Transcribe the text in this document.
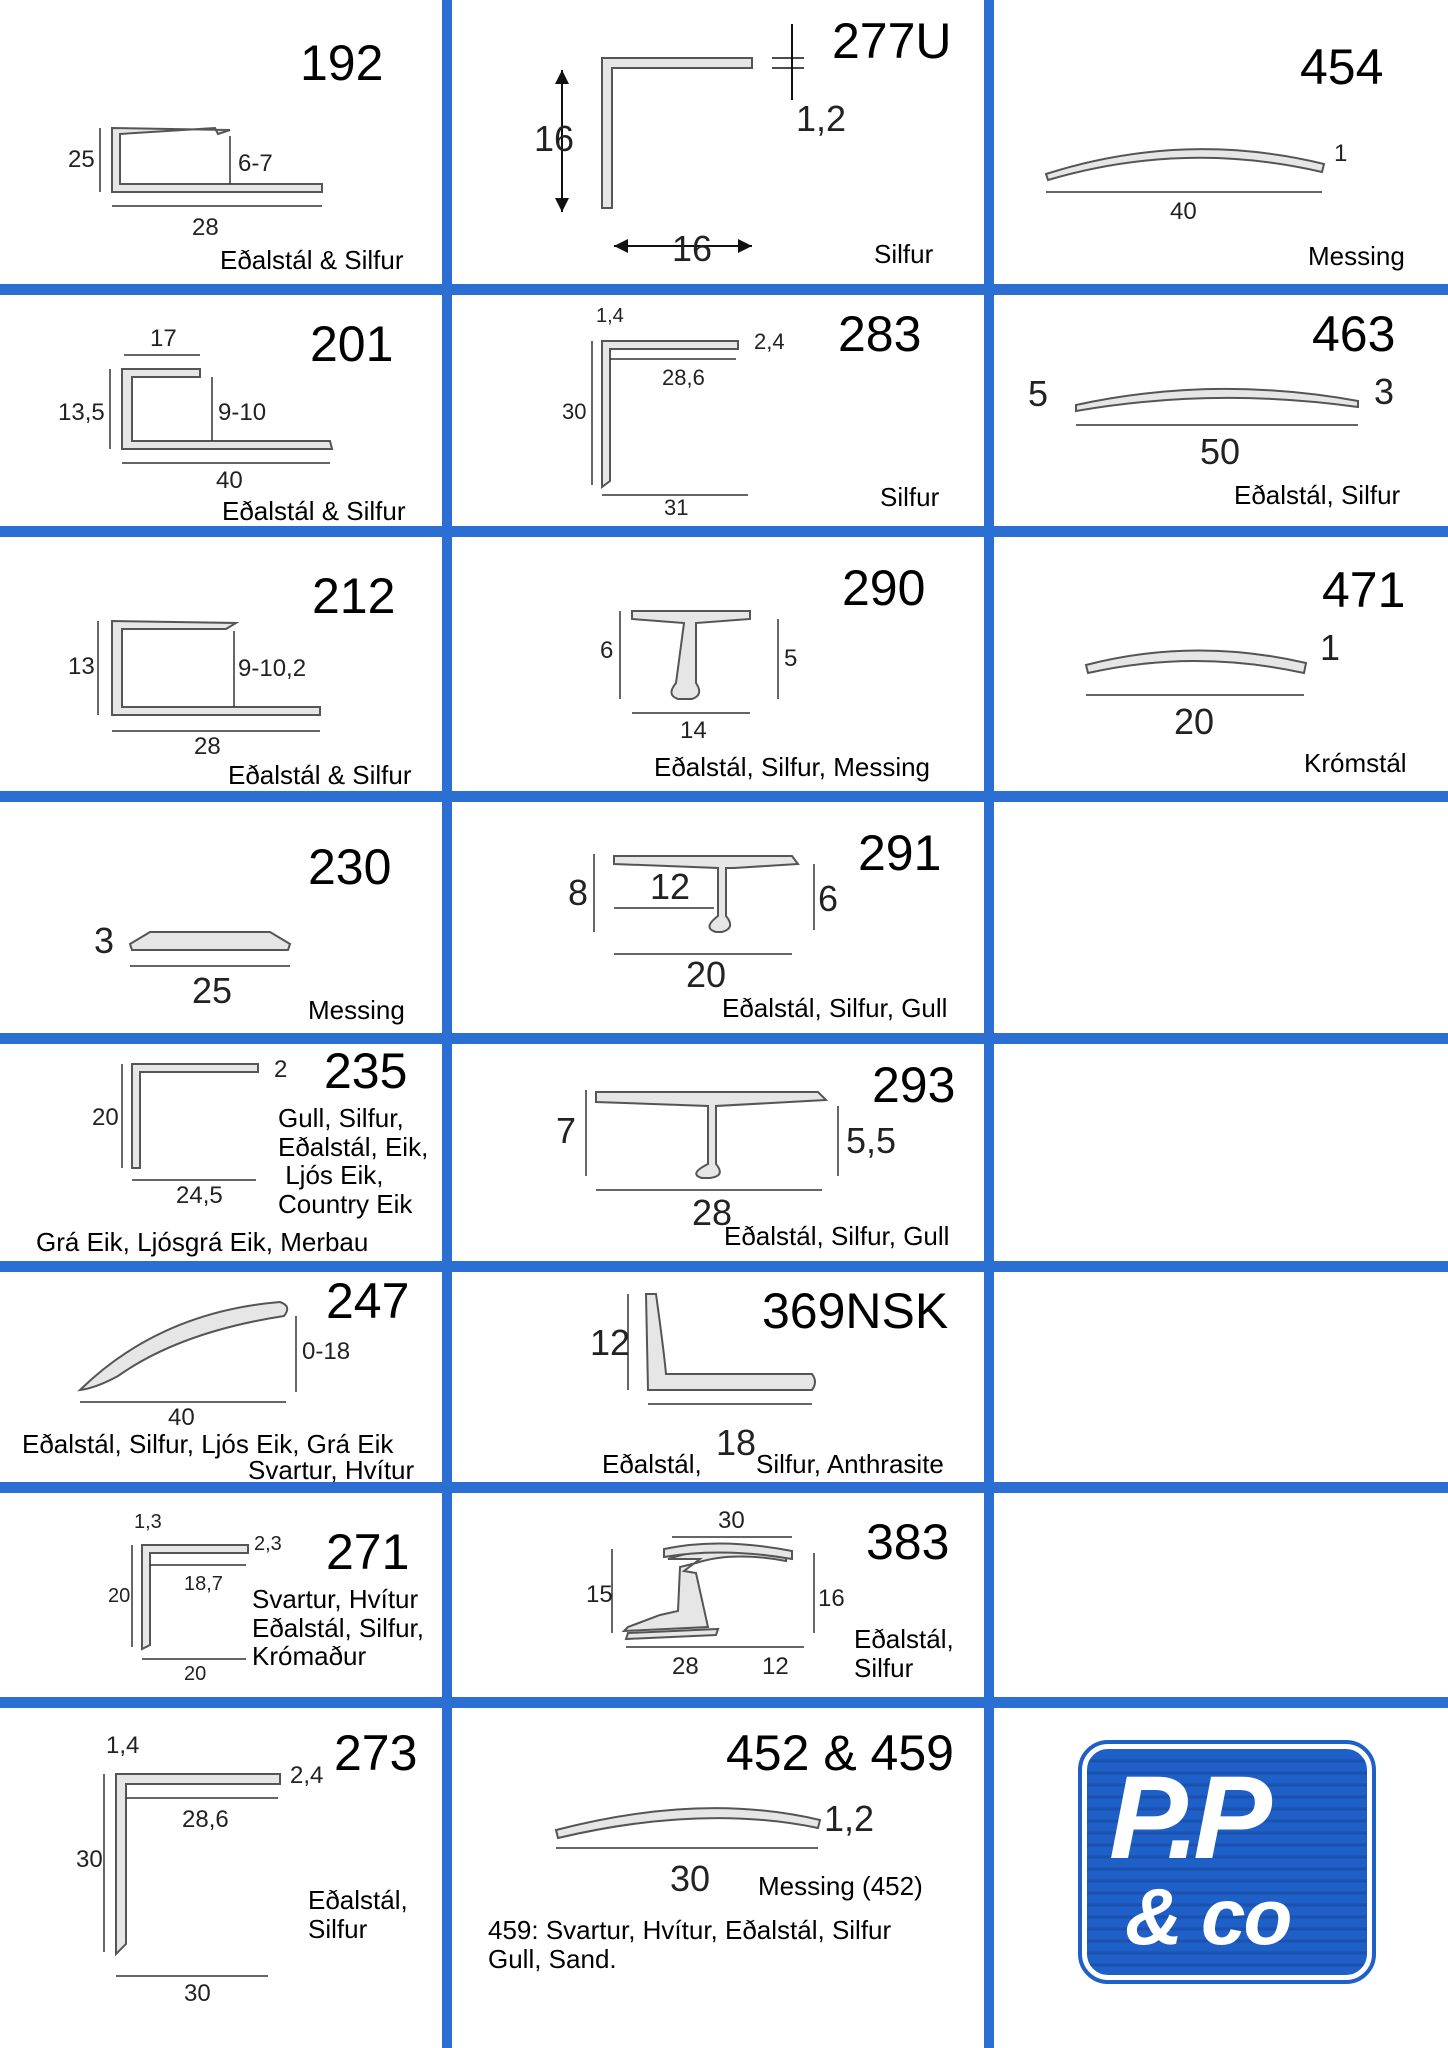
192
25	6-7
28
Eðalstál & Silfur
277U
16	1,2
16	Silfur
454
1
40
Messing
201
17
13,5	9-10
40
Eðalstál & Silfur
283
1,4
2,4
28,6
30
31	Silfur
463
5	3
50
Eðalstál, Silfur
212
13	9-10,2
28
Eðalstál & Silfur
290
6	5
14
Eðalstál, Silfur, Messing
471
1
20
Krómstál
230
3
25	Messing
291
8 12	6
20
Eðalstál, Silfur, Gull
235
2
20
24,5
Gull, Silfur,
Eðalstál, Eik,
Ljós Eik,
Country Eik
Grá Eik, Ljósgrá Eik, Merbau
293
7	5,5
28
Eðalstál, Silfur, Gull
247
0-18
40
Eðalstál, Silfur, Ljós Eik, Grá Eik
Svartur, Hvítur
369NSK
12
18
Eðalstál, Silfur, Anthrasite
271
1,3
2,3
18,7
20
20
Svartur, Hvítur
Eðalstál, Silfur,
Krómaður
383
30
15	16
28	12
Eðalstál,
Silfur
273
1,4
2,4
28,6
30
30
Eðalstál,
Silfur
452 & 459
1,2
30 Messing (452)
459: Svartur, Hvítur, Eðalstál, Silfur
Gull, Sand.
P.P
& co
